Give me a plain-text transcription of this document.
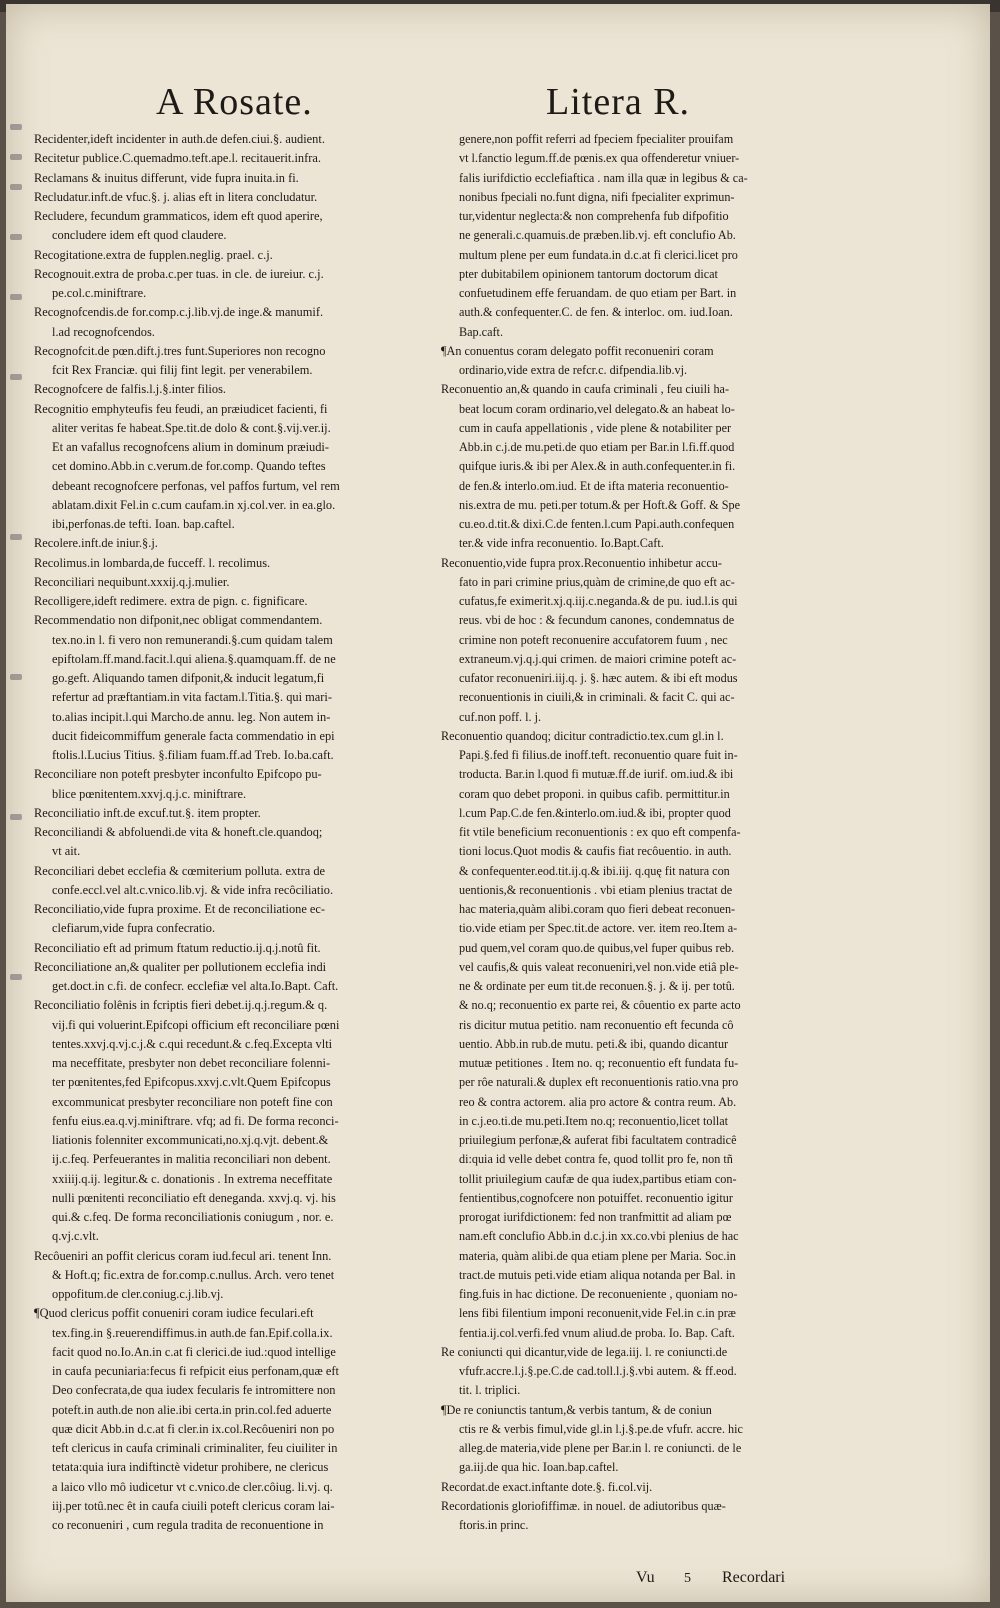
A Rosate.	Litera R.
Recidenter,ideft incidenter in auth.de defen.ciui.§. audient.
Recitetur publice.C.quemadmo.teft.ape.l. recitauerit.infra.
Reclamans & inuitus differunt, vide fupra inuita.in fi.
Recludatur.inft.de vfuc.§. j. alias eft in litera concludatur.
Recludere, fecundum grammaticos, idem eft quod aperire,
concludere idem eft quod claudere.
Recogitatione.extra de fupplen.neglig. prael. c.j.
Recognouit.extra de proba.c.per tuas. in cle. de iureiur. c.j.
pe.col.c.miniftrare.
Recognofcendis.de for.comp.c.j.lib.vj.de inge.& manumif.
l.ad recognofcendos.
Recognofcit.de pœn.dift.j.tres funt.Superiores non recogno
fcit Rex Franciæ. qui filij fint legit. per venerabilem.
Recognofcere de falfis.l.j.§.inter filios.
Recognitio emphyteufis feu feudi, an præiudicet facienti, fi
aliter veritas fe habeat.Spe.tit.de dolo & cont.§.vij.ver.ij.
Et an vafallus recognofcens alium in dominum præiudi-
cet domino.Abb.in c.verum.de for.comp. Quando teftes
debeant recognofcere perfonas, vel paffos furtum, vel rem
ablatam.dixit Fel.in c.cum caufam.in xj.col.ver. in ea.glo.
ibi,perfonas.de tefti. Ioan. bap.caftel.
Recolere.inft.de iniur.§.j.
Recolimus.in lombarda,de fucceff. l. recolimus.
Reconciliari nequibunt.xxxij.q.j.mulier.
Recolligere,ideft redimere. extra de pign. c. fignificare.
Recommendatio non difponit,nec obligat commendantem.
tex.no.in l. fi vero non remunerandi.§.cum quidam talem
epiftolam.ff.mand.facit.l.qui aliena.§.quamquam.ff. de ne
go.geft. Aliquando tamen difponit,& inducit legatum,fi
refertur ad præftantiam.in vita factam.l.Titia.§. qui mari-
to.alias incipit.l.qui Marcho.de annu. leg. Non autem in-
ducit fideicommiffum generale facta commendatio in epi
ftolis.l.Lucius Titius. §.filiam fuam.ff.ad Treb. Io.ba.caft.
Reconciliare non poteft presbyter inconfulto Epifcopo pu-
blice pœnitentem.xxvj.q.j.c. miniftrare.
Reconciliatio inft.de excuf.tut.§. item propter.
Reconciliandi & abfoluendi.de vita & honeft.cle.quandoq;
vt ait.
Reconciliari debet ecclefia & cœmiterium polluta. extra de
confe.eccl.vel alt.c.vnico.lib.vj. & vide infra recôciliatio.
Reconciliatio,vide fupra proxime. Et de reconciliatione ec-
clefiarum,vide fupra confecratio.
Reconciliatio eft ad primum ftatum reductio.ij.q.j.notû fit.
Reconciliatione an,& qualiter per pollutionem ecclefia indi
get.doct.in c.fi. de confecr. ecclefiæ vel alta.Io.Bapt. Caft.
Reconciliatio folênis in fcriptis fieri debet.ij.q.j.regum.& q.
vij.fi qui voluerint.Epifcopi officium eft reconciliare pœni
tentes.xxvj.q.vj.c.j.& c.qui recedunt.& c.feq.Excepta vlti
ma neceffitate, presbyter non debet reconciliare folenni-
ter pœnitentes,fed Epifcopus.xxvj.c.vlt.Quem Epifcopus
excommunicat presbyter reconciliare non poteft fine con
fenfu eius.ea.q.vj.miniftrare. vfq; ad fi. De forma reconci-
liationis folenniter excommunicati,no.xj.q.vjt. debent.&
ij.c.feq. Perfeuerantes in malitia reconciliari non debent.
xxiiij.q.ij. legitur.& c. donationis . In extrema neceffitate
nulli pœnitenti reconciliatio eft deneganda. xxvj.q. vj. his
qui.& c.feq. De forma reconciliationis coniugum , nor. e.
q.vj.c.vlt.
Recôueniri an poffit clericus coram iud.fecul ari. tenent Inn.
& Hoft.q; fic.extra de for.comp.c.nullus. Arch. vero tenet
oppofitum.de cler.coniug.c.j.lib.vj.
¶Quod clericus poffit conueniri coram iudice feculari.eft
tex.fing.in §.reuerendiffimus.in auth.de fan.Epif.colla.ix.
facit quod no.Io.An.in c.at fi clerici.de iud.:quod intellige
in caufa pecuniaria:fecus fi refpicit eius perfonam,quæ eft
Deo confecrata,de qua iudex fecularis fe intromittere non
poteft.in auth.de non alie.ibi certa.in prin.col.fed aduerte
quæ dicit Abb.in d.c.at fi cler.in ix.col.Recôueniri non po
teft clericus in caufa criminali criminaliter, feu ciuiliter in
tetata:quia iura indiftinctè videtur prohibere, ne clericus
a laico vllo mô iudicetur vt c.vnico.de cler.côiug. li.vj. q.
iij.per totû.nec êt in caufa ciuili poteft clericus coram lai-
co reconueniri , cum regula tradita de reconuentione in
genere,non poffit referri ad fpeciem fpecialiter prouifam
vt l.fanctio legum.ff.de pœnis.ex qua offenderetur vniuer-
falis iurifdictio ecclefiaftica . nam illa quæ in legibus & ca-
nonibus fpeciali no.funt digna, nifi fpecialiter exprimun-
tur,videntur neglecta:& non comprehenfa fub difpofitio
ne generali.c.quamuis.de præben.lib.vj. eft conclufio Ab.
multum plene per eum fundata.in d.c.at fi clerici.licet pro
pter dubitabilem opinionem tantorum doctorum dicat
confuetudinem effe feruandam. de quo etiam per Bart. in
auth.& confequenter.C. de fen. & interloc. om. iud.Ioan.
Bap.caft.
¶An conuentus coram delegato poffit reconueniri coram
ordinario,vide extra de refcr.c. difpendia.lib.vj.
Reconuentio an,& quando in caufa criminali , feu ciuili ha-
beat locum coram ordinario,vel delegato.& an habeat lo-
cum in caufa appellationis , vide plene & notabiliter per
Abb.in c.j.de mu.peti.de quo etiam per Bar.in l.fi.ff.quod
quifque iuris.& ibi per Alex.& in auth.confequenter.in fi.
de fen.& interlo.om.iud. Et de ifta materia reconuentio-
nis.extra de mu. peti.per totum.& per Hoft.& Goff. & Spe
cu.eo.d.tit.& dixi.C.de fenten.l.cum Papi.auth.confequen
ter.& vide infra reconuentio. Io.Bapt.Caft.
Reconuentio,vide fupra prox.Reconuentio inhibetur accu-
fato in pari crimine prius,quàm de crimine,de quo eft ac-
cufatus,fe eximerit.xj.q.iij.c.neganda.& de pu. iud.l.is qui
reus. vbi de hoc : & fecundum canones, condemnatus de
crimine non poteft reconuenire accufatorem fuum , nec
extraneum.vj.q.j.qui crimen. de maiori crimine poteft ac-
cufator reconueniri.iij.q. j. §. hæc autem. & ibi eft modus
reconuentionis in ciuili,& in criminali. & facit C. qui ac-
cuf.non poff. l. j.
Reconuentio quandoq; dicitur contradictio.tex.cum gl.in l.
Papi.§.fed fi filius.de inoff.teft. reconuentio quare fuit in-
troducta. Bar.in l.quod fi mutuæ.ff.de iurif. om.iud.& ibi
coram quo debet proponi. in quibus cafib. permittitur.in
l.cum Pap.C.de fen.&interlo.om.iud.& ibi, propter quod
fit vtile beneficium reconuentionis : ex quo eft compenfa-
tioni locus.Quot modis & caufis fiat recôuentio. in auth.
& confequenter.eod.tit.ij.q.& ibi.iij. q.quę fit natura con
uentionis,& reconuentionis . vbi etiam plenius tractat de
hac materia,quàm alibi.coram quo fieri debeat reconuen-
tio.vide etiam per Spec.tit.de actore. ver. item reo.Item a-
pud quem,vel coram quo.de quibus,vel fuper quibus reb.
vel caufis,& quis valeat reconueniri,vel non.vide etiâ ple-
ne & ordinate per eum tit.de reconuen.§. j. & ij. per totû.
& no.q; reconuentio ex parte rei, & côuentio ex parte acto
ris dicitur mutua petitio. nam reconuentio eft fecunda cô
uentio. Abb.in rub.de mutu. peti.& ibi, quando dicantur
mutuæ petitiones . Item no. q; reconuentio eft fundata fu-
per rôe naturali.& duplex eft reconuentionis ratio.vna pro
reo & contra actorem. alia pro actore & contra reum. Ab.
in c.j.eo.ti.de mu.peti.Item no.q; reconuentio,licet tollat
priuilegium perfonæ,& auferat fibi facultatem contradicê
di:quia id velle debet contra fe, quod tollit pro fe, non tñ
tollit priuilegium caufæ de qua iudex,partibus etiam con-
fentientibus,cognofcere non potuiffet. reconuentio igitur
prorogat iurifdictionem: fed non tranfmittit ad aliam pœ
nam.eft conclufio Abb.in d.c.j.in xx.co.vbi plenius de hac
materia, quàm alibi.de qua etiam plene per Maria. Soc.in
tract.de mutuis peti.vide etiam aliqua notanda per Bal. in
fing.fuis in hac dictione. De reconueniente , quoniam no-
lens fibi filentium imponi reconuenit,vide Fel.in c.in præ
fentia.ij.col.verfi.fed vnum aliud.de proba. Io. Bap. Caft.
Re coniuncti qui dicantur,vide de lega.iij. l. re coniuncti.de
vfufr.accre.l.j.§.pe.C.de cad.toll.l.j.§.vbi autem. & ff.eod.
tit. l. triplici.
¶De re coniunctis tantum,& verbis tantum, & de coniun
ctis re & verbis fimul,vide gl.in l.j.§.pe.de vfufr. accre. hic
alleg.de materia,vide plene per Bar.in l. re coniuncti. de le
ga.iij.de qua hic. Ioan.bap.caftel.
Recordat.de exact.inftante dote.§. fi.col.vij.
Recordationis gloriofiffimæ. in nouel. de adiutoribus quæ-
ftoris.in princ.
Vu 5 Recordari
